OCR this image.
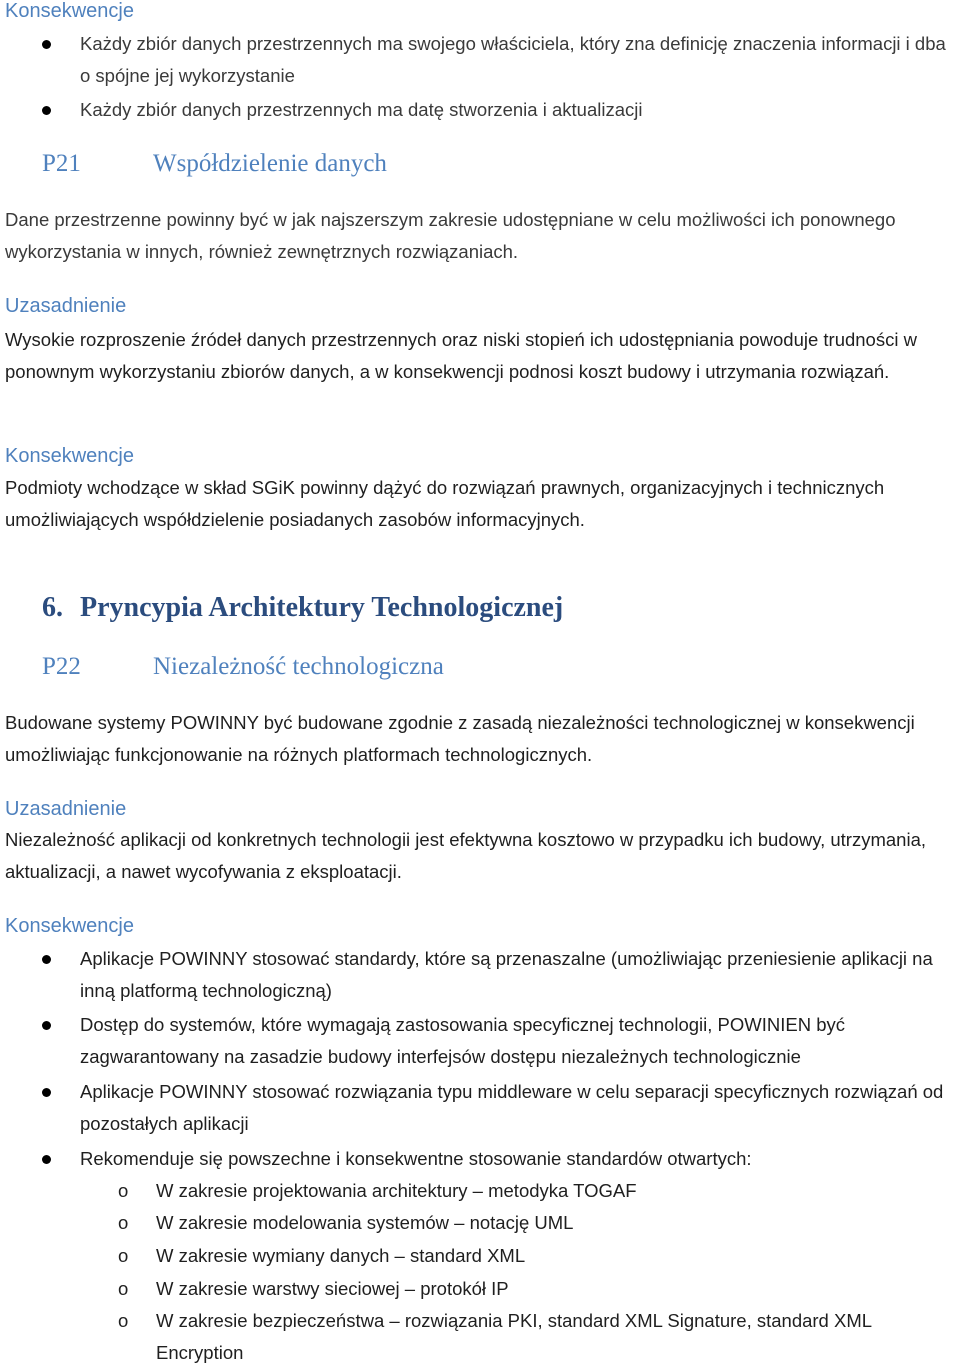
Konsekwencje
Każdy zbiór danych przestrzennych ma swojego właściciela, który zna definicję znaczenia informacji i dba o spójne jej wykorzystanie
Każdy zbiór danych przestrzennych ma datę stworzenia i aktualizacji
P21	Współdzielenie danych
Dane przestrzenne powinny być w jak najszerszym zakresie udostępniane w celu możliwości ich ponownego wykorzystania w innych, również zewnętrznych rozwiązaniach.
Uzasadnienie
Wysokie rozproszenie źródeł danych przestrzennych oraz niski stopień ich udostępniania powoduje trudności w ponownym wykorzystaniu zbiorów danych, a w konsekwencji podnosi koszt budowy i utrzymania rozwiązań.
Konsekwencje
Podmioty wchodzące w skład SGiK powinny dążyć do rozwiązań prawnych, organizacyjnych i technicznych umożliwiających współdzielenie posiadanych zasobów informacyjnych.
6. Pryncypia Architektury Technologicznej
P22	Niezależność technologiczna
Budowane systemy POWINNY być budowane zgodnie z zasadą niezależności technologicznej w konsekwencji umożliwiając funkcjonowanie na różnych platformach technologicznych.
Uzasadnienie
Niezależność aplikacji od konkretnych technologii jest efektywna kosztowo w przypadku ich budowy, utrzymania, aktualizacji, a nawet wycofywania z eksploatacji.
Konsekwencje
Aplikacje POWINNY stosować standardy, które są przenaszalne (umożliwiając przeniesienie aplikacji na inną platformą technologiczną)
Dostęp do systemów, które wymagają zastosowania specyficznej technologii, POWINIEN być zagwarantowany na zasadzie budowy interfejsów dostępu niezależnych technologicznie
Aplikacje POWINNY stosować rozwiązania typu middleware w celu separacji specyficznych rozwiązań od pozostałych aplikacji
Rekomenduje się powszechne i konsekwentne stosowanie standardów otwartych:
o W zakresie projektowania architektury – metodyka TOGAF
o W zakresie modelowania systemów – notację UML
o W zakresie wymiany danych – standard XML
o W zakresie warstwy sieciowej – protokół IP
o W zakresie bezpieczeństwa – rozwiązania PKI, standard XML Signature, standard XML Encryption
